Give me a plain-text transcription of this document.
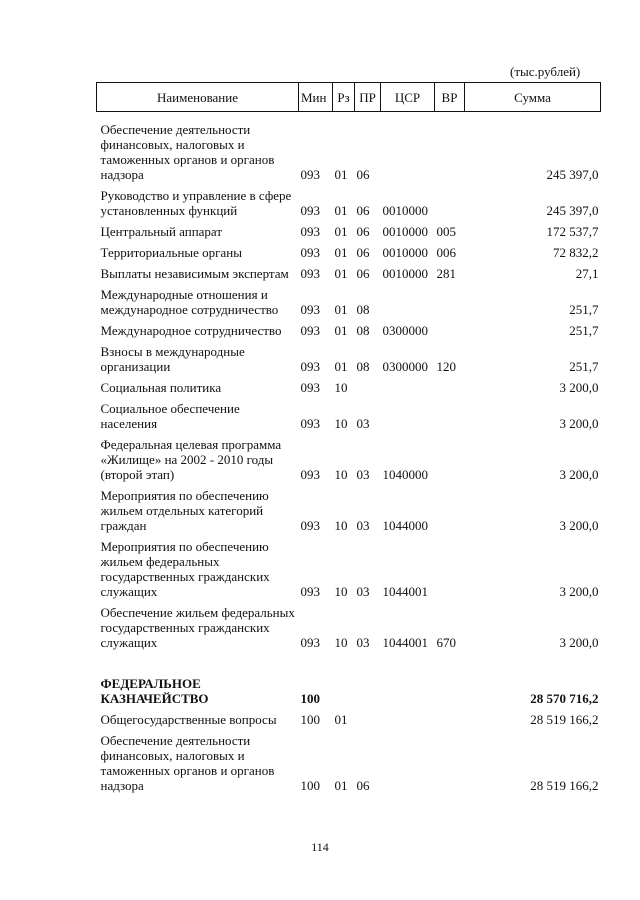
(тыс.рублей)
Наименование	Мин	Рз	ПР	ЦСР	ВР	Сумма
Обеспечение деятельности финансовых, налоговых и таможенных органов и органов надзора	093	01	06			245 397,0
Руководство и управление в сфере установленных функций	093	01	06	0010000		245 397,0
Центральный аппарат	093	01	06	0010000	005	172 537,7
Территориальные органы	093	01	06	0010000	006	72 832,2
Выплаты независимым экспертам	093	01	06	0010000	281	27,1
Международные отношения и международное сотрудничество	093	01	08			251,7
Международное сотрудничество	093	01	08	0300000		251,7
Взносы в международные организации	093	01	08	0300000	120	251,7
Социальная политика	093	10				3 200,0
Социальное обеспечение населения	093	10	03			3 200,0
Федеральная целевая программа «Жилище» на 2002 - 2010 годы (второй этап)	093	10	03	1040000		3 200,0
Мероприятия по обеспечению жильем отдельных категорий граждан	093	10	03	1044000		3 200,0
Мероприятия по обеспечению жильем федеральных государственных гражданских служащих	093	10	03	1044001		3 200,0
Обеспечение жильем федеральных государственных гражданских служащих	093	10	03	1044001	670	3 200,0

ФЕДЕРАЛЬНОЕ КАЗНАЧЕЙСТВО	100					28 570 716,2
Общегосударственные вопросы	100	01				28 519 166,2
Обеспечение деятельности финансовых, налоговых и таможенных органов и органов надзора	100	01	06			28 519 166,2
114
